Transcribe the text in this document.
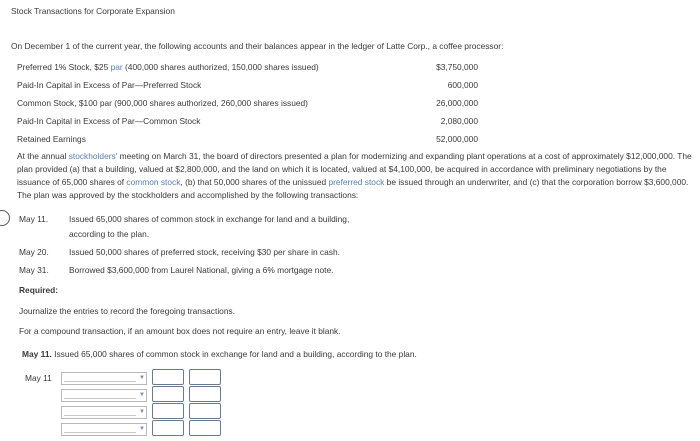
Stock Transactions for Corporate Expansion
On December 1 of the current year, the following accounts and their balances appear in the ledger of Latte Corp., a coffee processor:
Preferred 1% Stock, $25 par (400,000 shares authorized, 150,000 shares issued)	$3,750,000
Paid-In Capital in Excess of Par—Preferred Stock	600,000
Common Stock, $100 par (900,000 shares authorized, 260,000 shares issued)	26,000,000
Paid-In Capital in Excess of Par—Common Stock	2,080,000
Retained Earnings	52,000,000
At the annual stockholders' meeting on March 31, the board of directors presented a plan for modernizing and expanding plant operations at a cost of approximately $12,000,000. The plan provided (a) that a building, valued at $2,800,000, and the land on which it is located, valued at $4,100,000, be acquired in accordance with preliminary negotiations by the issuance of 65,000 shares of common stock, (b) that 50,000 shares of the unissued preferred stock be issued through an underwriter, and (c) that the corporation borrow $3,600,000. The plan was approved by the stockholders and accomplished by the following transactions:
May 11. Issued 65,000 shares of common stock in exchange for land and a building,
according to the plan.
May 20. Issued 50,000 shares of preferred stock, receiving $30 per share in cash.
May 31. Borrowed $3,600,000 from Laurel National, giving a 6% mortgage note.
Required:
Journalize the entries to record the foregoing transactions.
For a compound transaction, if an amount box does not require an entry, leave it blank.
May 11. Issued 65,000 shares of common stock in exchange for land and a building, according to the plan.
May 11	▼
▼
▼
▼
